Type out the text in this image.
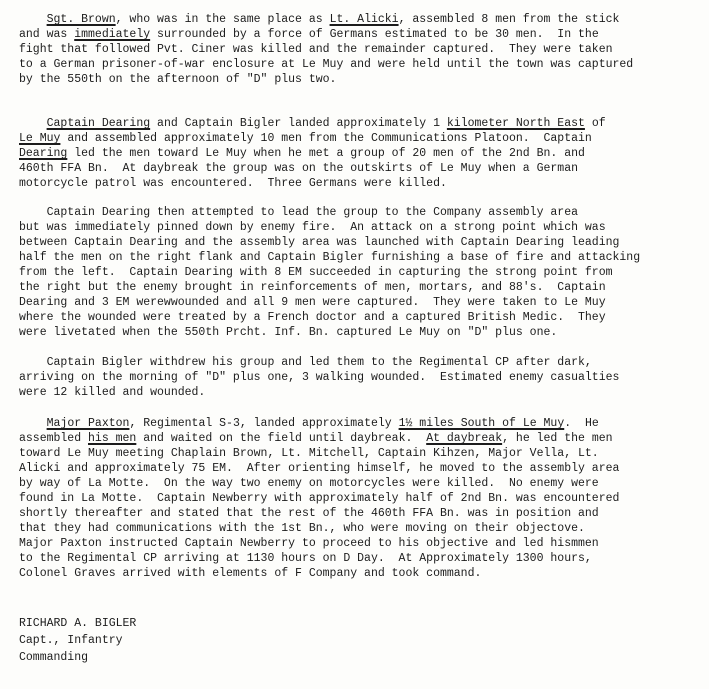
Sgt. Brown, who was in the same place as Lt. Alicki, assembled 8 men from the stick
and was immediately surrounded by a force of Germans estimated to be 30 men.  In the
fight that followed Pvt. Ciner was killed and the remainder captured.  They were taken
to a German prisoner-of-war enclosure at Le Muy and were held until the town was captured
by the 550th on the afternoon of "D" plus two.
Captain Dearing and Captain Bigler landed approximately 1 kilometer North East of
Le Muy and assembled approximately 10 men from the Communications Platoon.  Captain
Dearing led the men toward Le Muy when he met a group of 20 men of the 2nd Bn. and
460th FFA Bn.  At daybreak the group was on the outskirts of Le Muy when a German
motorcycle patrol was encountered.  Three Germans were killed.
Captain Dearing then attempted to lead the group to the Company assembly area
but was immediately pinned down by enemy fire.  An attack on a strong point which was
between Captain Dearing and the assembly area was launched with Captain Dearing leading
half the men on the right flank and Captain Bigler furnishing a base of fire and attacking
from the left.  Captain Dearing with 8 EM succeeded in capturing the strong point from
the right but the enemy brought in reinforcements of men, mortars, and 88's.  Captain
Dearing and 3 EM werewwounded and all 9 men were captured.  They were taken to Le Muy
where the wounded were treated by a French doctor and a captured British Medic.  They
were livetated when the 550th Prcht. Inf. Bn. captured Le Muy on "D" plus one.
Captain Bigler withdrew his group and led them to the Regimental CP after dark,
arriving on the morning of "D" plus one, 3 walking wounded.  Estimated enemy casualties
were 12 killed and wounded.
Major Paxton, Regimental S-3, landed approximately 1½ miles South of Le Muy.  He
assembled his men and waited on the field until daybreak.  At daybreak, he led the men
toward Le Muy meeting Chaplain Brown, Lt. Mitchell, Captain Kihzen, Major Vella, Lt.
Alicki and approximately 75 EM.  After orienting himself, he moved to the assembly area
by way of La Motte.  On the way two enemy on motorcycles were killed.  No enemy were
found in La Motte.  Captain Newberry with approximately half of 2nd Bn. was encountered
shortly thereafter and stated that the rest of the 460th FFA Bn. was in position and
that they had communications with the 1st Bn., who were moving on their objectove.
Major Paxton instructed Captain Newberry to proceed to his objective and led hismmen
to the Regimental CP arriving at 1130 hours on D Day.  At Approximately 1300 hours,
Colonel Graves arrived with elements of F Company and took command.
RICHARD A. BIGLER
Capt., Infantry
Commanding
